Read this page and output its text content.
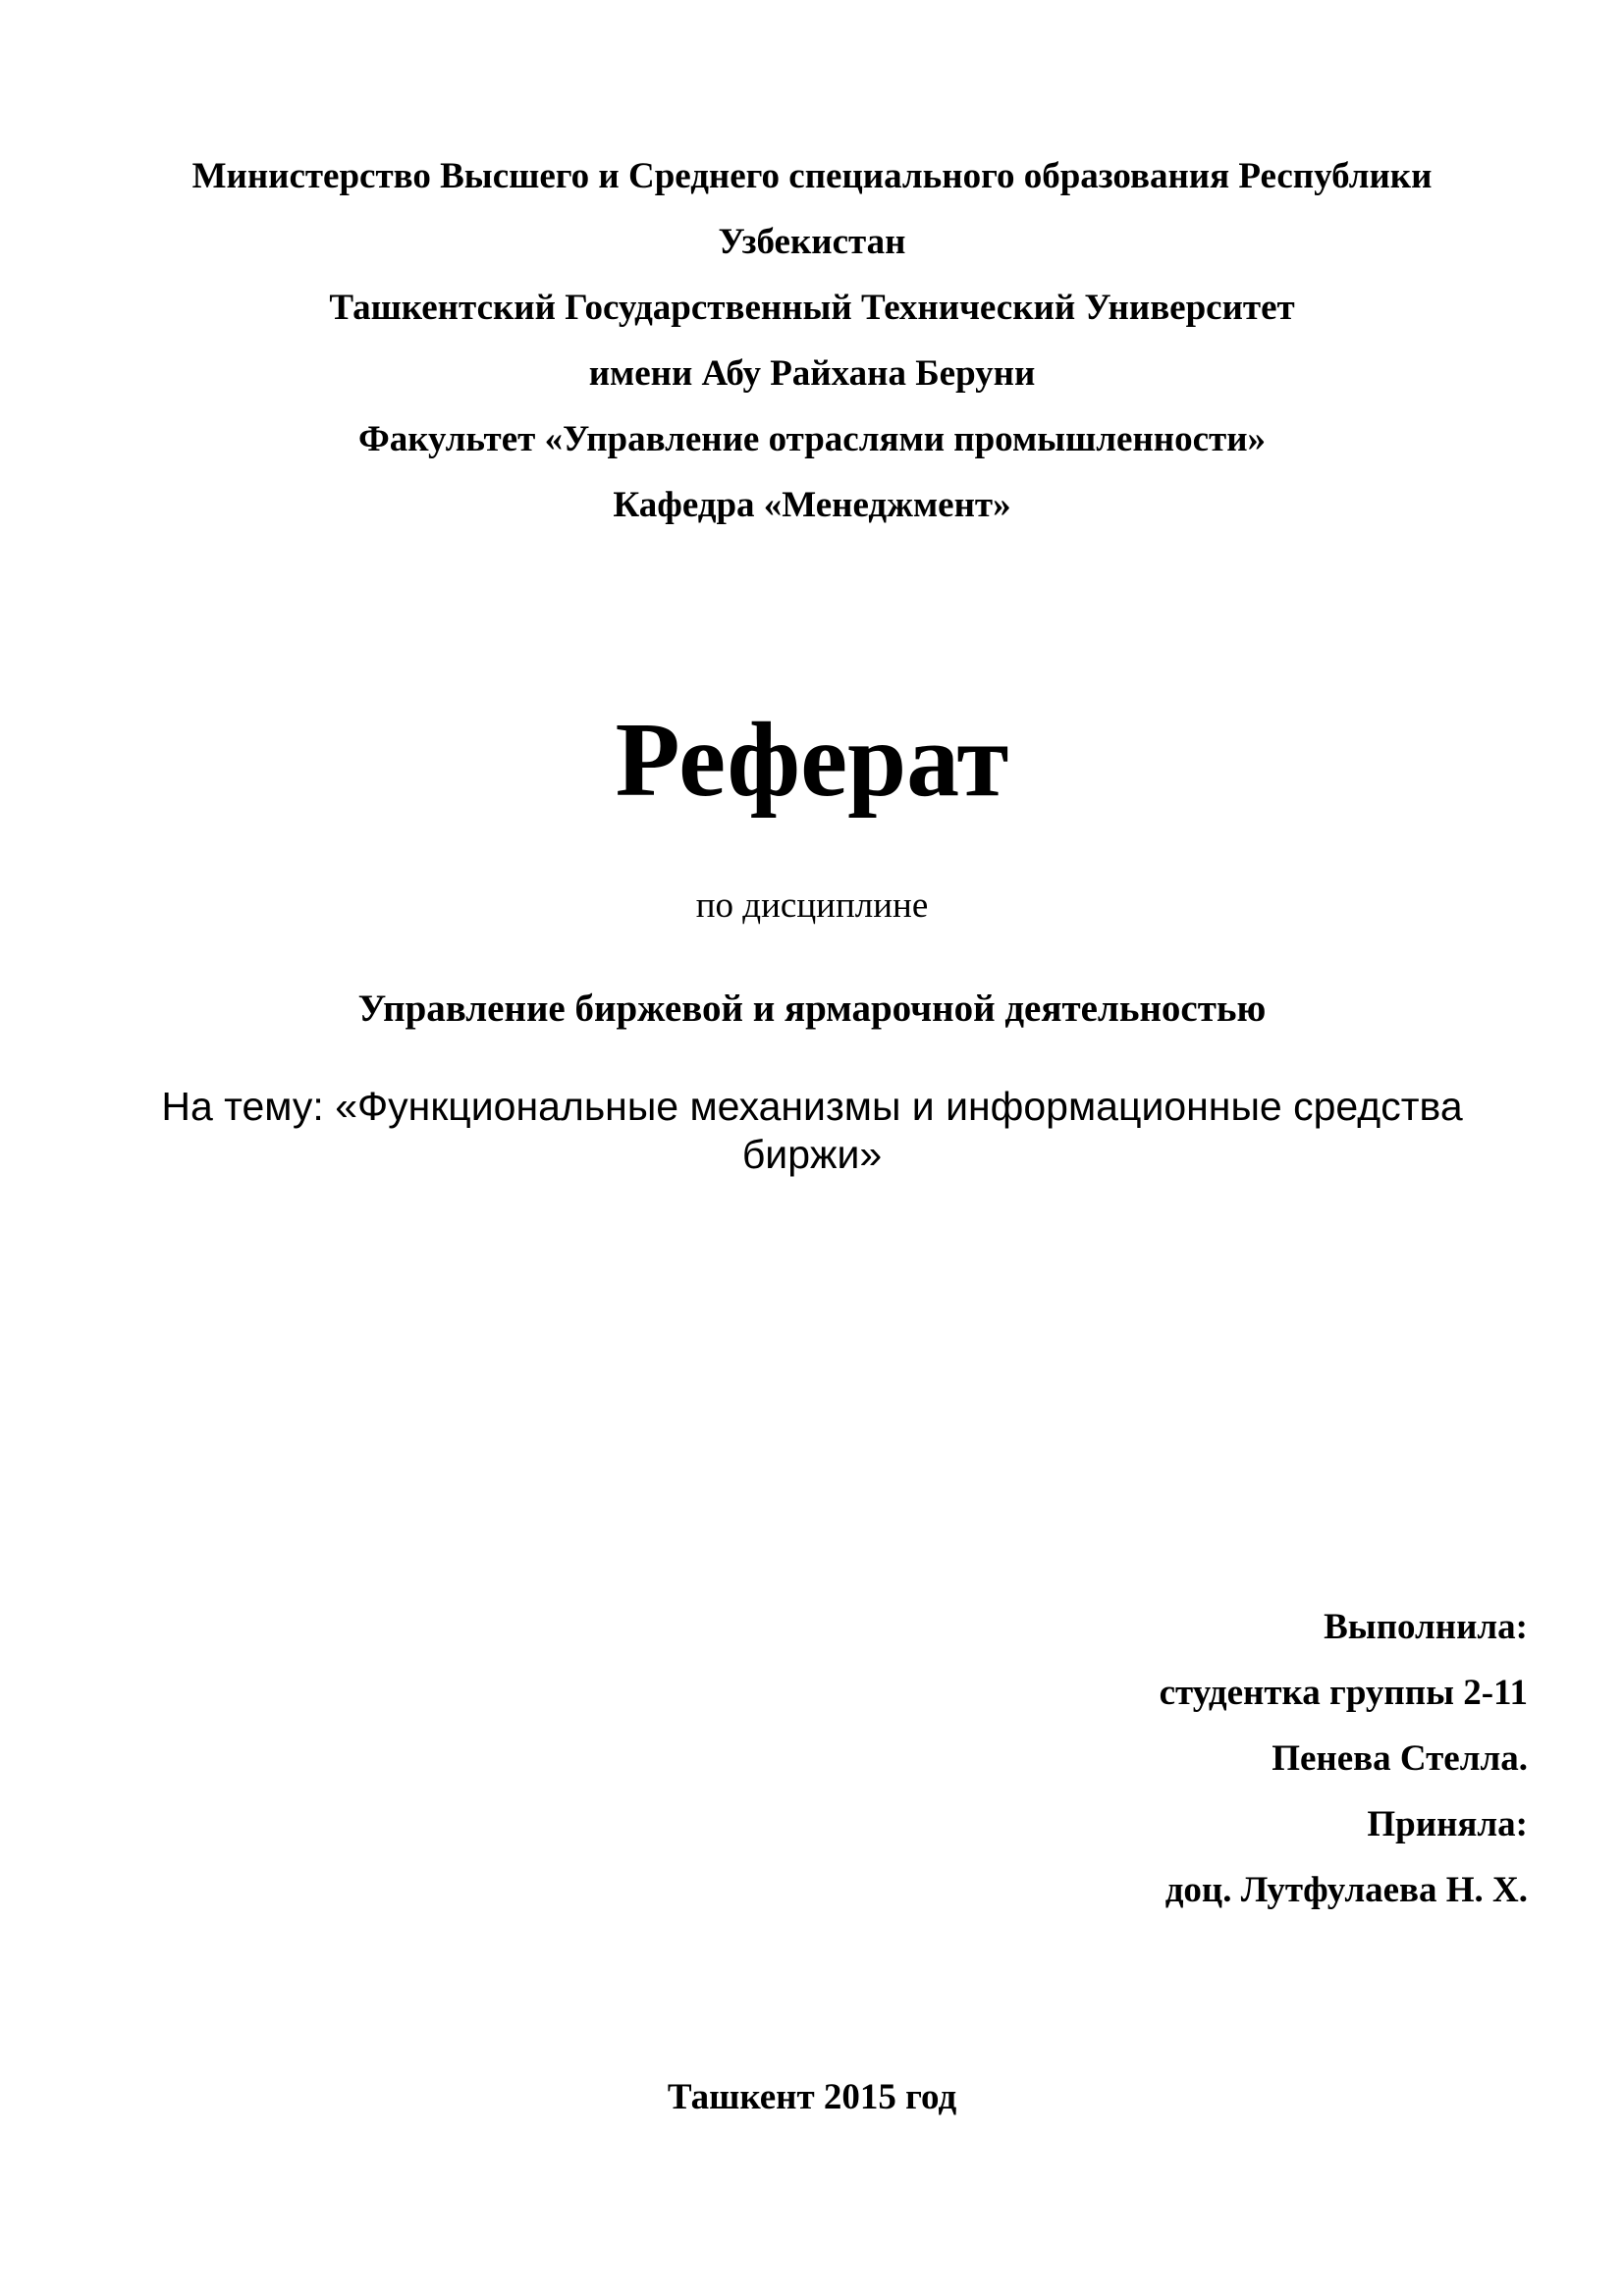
Министерство Высшего и Среднего специального образования Республики

Узбекистан

Ташкентский Государственный Технический Университет

имени Абу Райхана Беруни

Факультет «Управление отраслями промышленности»

Кафедра «Менеджмент»

Реферат

по дисциплине

Управление биржевой и ярмарочной деятельностью

На тему: «Функциональные механизмы и информационные средства

биржи»

Выполнила:

студентка группы 2-11

Пенева Стелла.

Приняла:

доц. Лутфулаева Н. Х.

Ташкент 2015 год
